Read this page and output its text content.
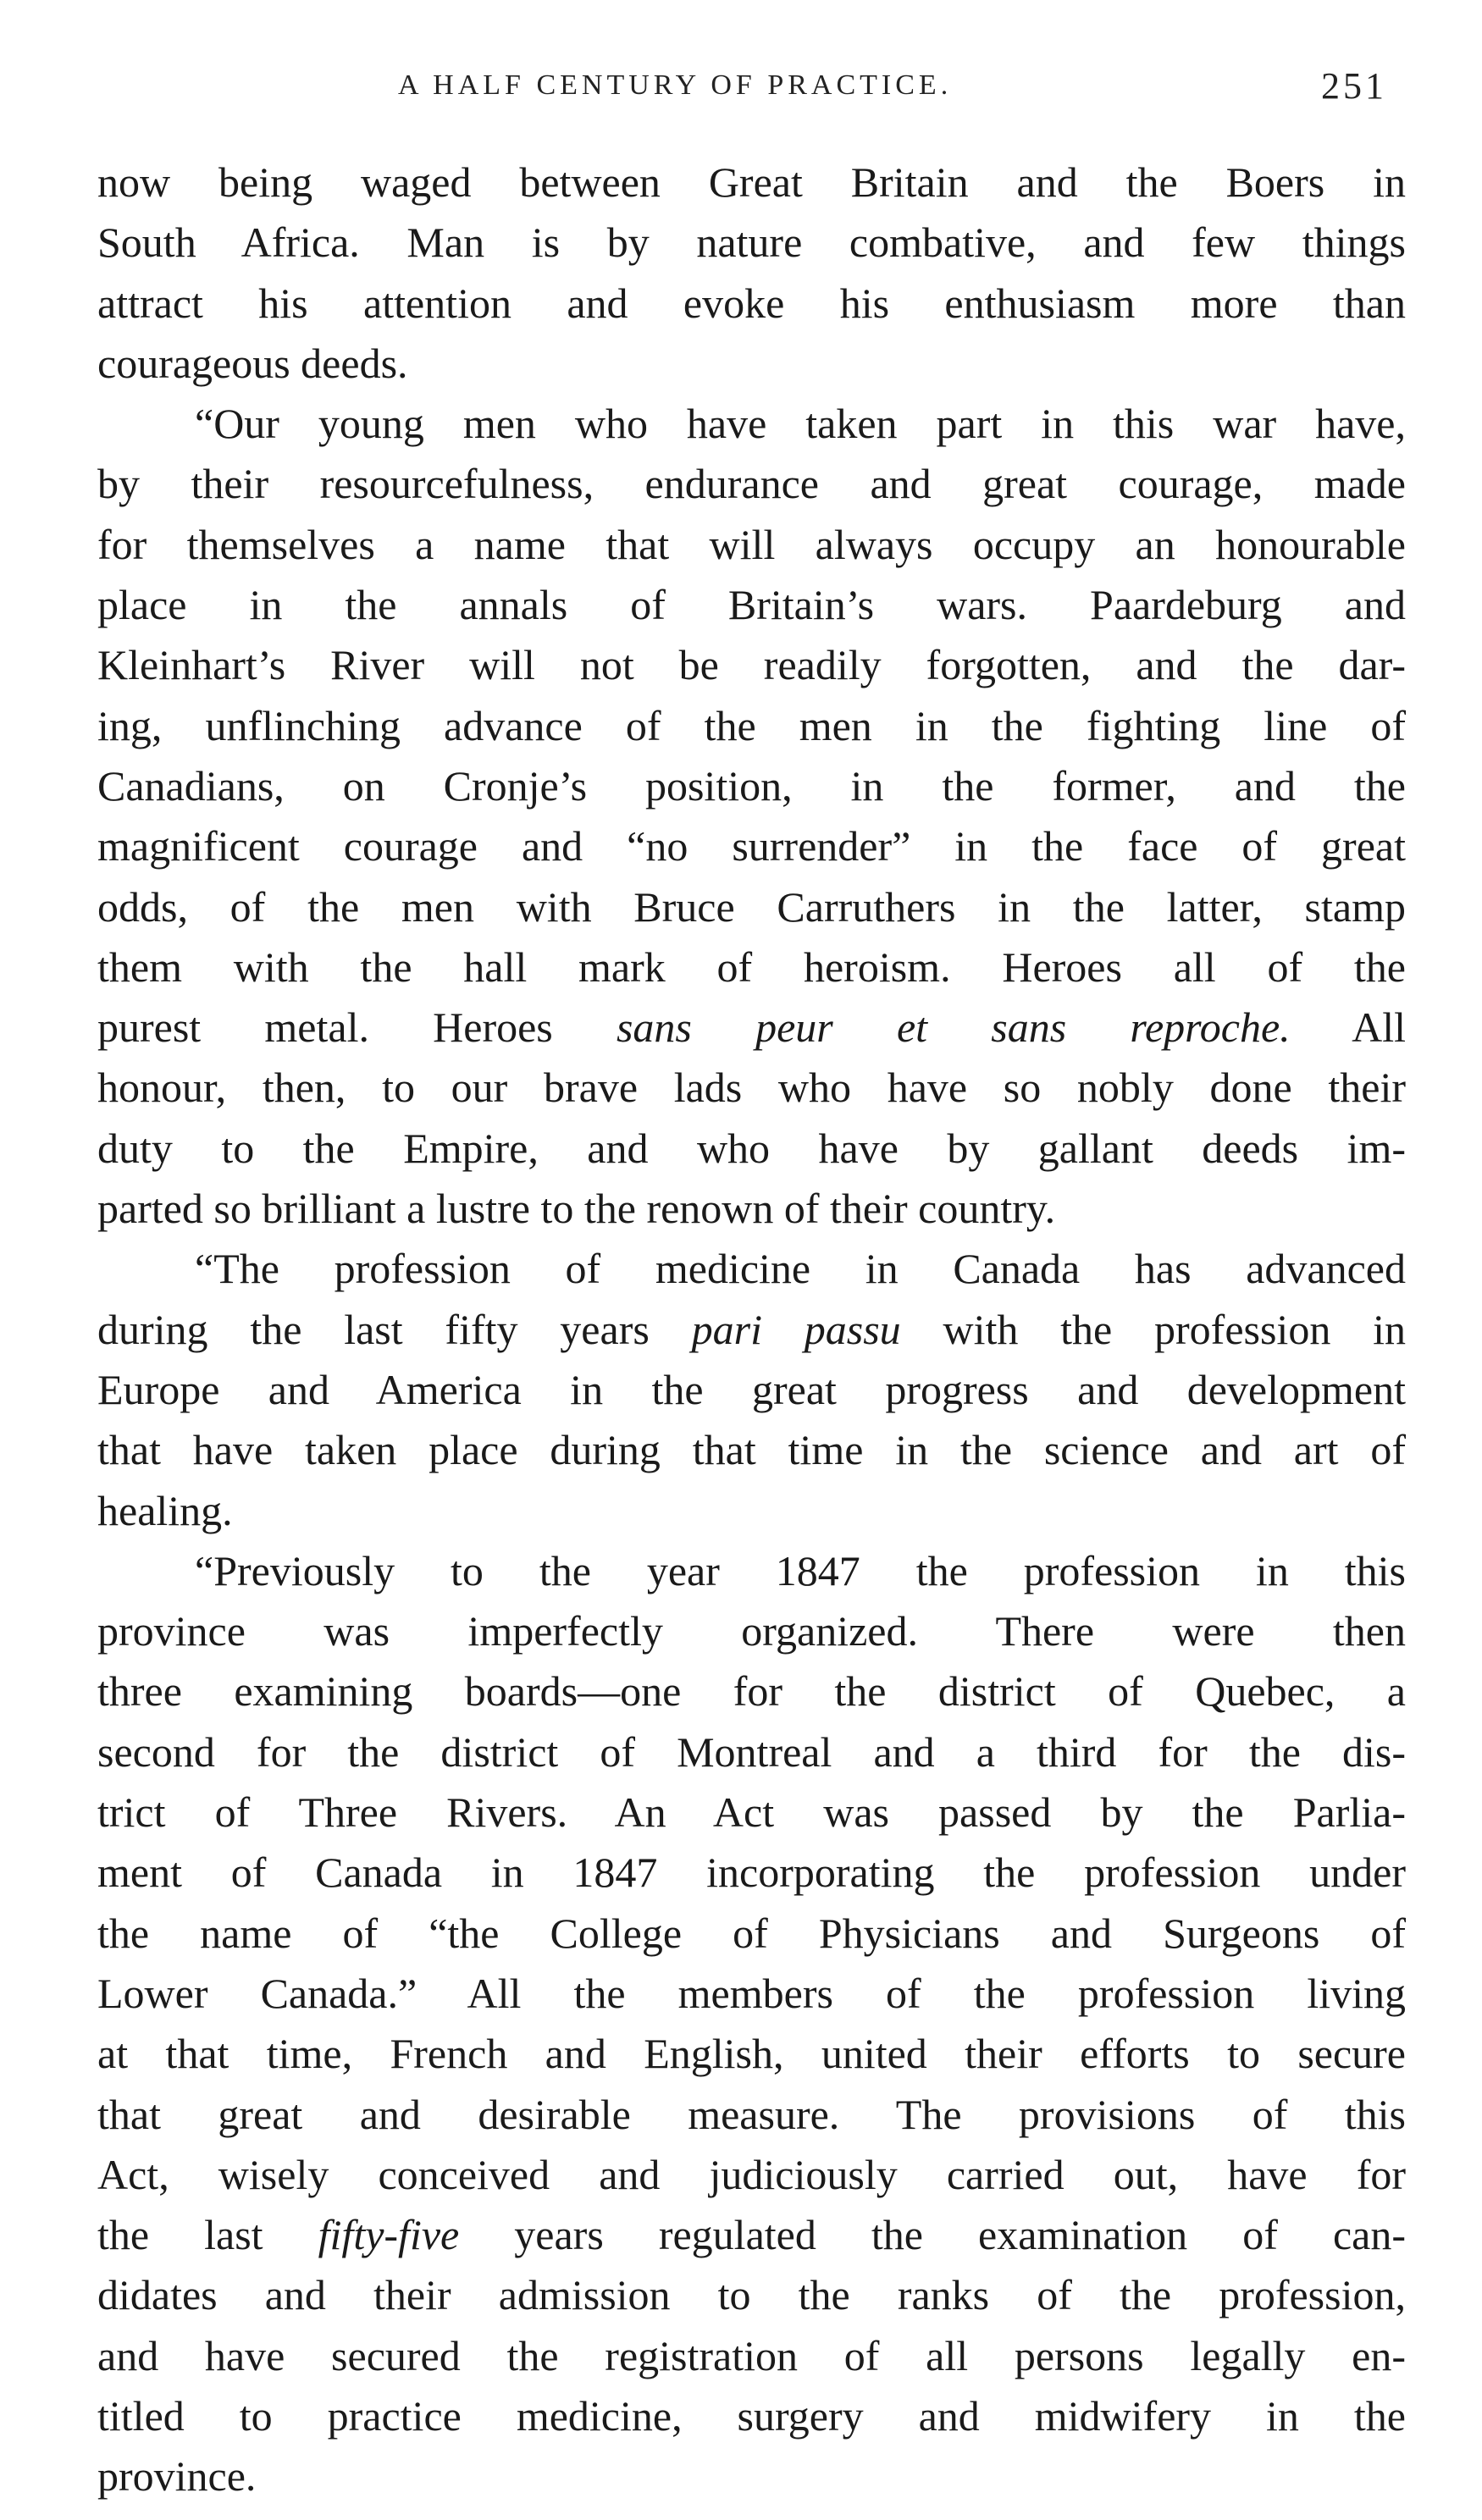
A HALF CENTURY OF PRACTICE.	251

now being waged between Great Britain and the Boers in
South Africa. Man is by nature combative, and few things
attract his attention and evoke his enthusiasm more than
courageous deeds.

“Our young men who have taken part in this war have,
by their resourcefulness, endurance and great courage, made
for themselves a name that will always occupy an honourable
place in the annals of Britain’s wars. Paardeburg and
Kleinhart’s River will not be readily forgotten, and the dar-
ing, unflinching advance of the men in the fighting line of
Canadians, on Cronje’s position, in the former, and the
magnificent courage and “no surrender” in the face of great
odds, of the men with Bruce Carruthers in the latter, stamp
them with the hall mark of heroism. Heroes all of the
purest metal. Heroes sans peur et sans reproche. All
honour, then, to our brave lads who have so nobly done their
duty to the Empire, and who have by gallant deeds im-
parted so brilliant a lustre to the renown of their country.

“The profession of medicine in Canada has advanced
during the last fifty years pari passu with the profession in
Europe and America in the great progress and development
that have taken place during that time in the science and art of
healing.

“Previously to the year 1847 the profession in this
province was imperfectly organized. There were then
three examining boards—one for the district of Quebec, a
second for the district of Montreal and a third for the dis-
trict of Three Rivers. An Act was passed by the Parlia-
ment of Canada in 1847 incorporating the profession under
the name of “the College of Physicians and Surgeons of
Lower Canada.” All the members of the profession living
at that time, French and English, united their efforts to secure
that great and desirable measure. The provisions of this
Act, wisely conceived and judiciously carried out, have for
the last fifty-five years regulated the examination of can-
didates and their admission to the ranks of the profession,
and have secured the registration of all persons legally en-
titled to practice medicine, surgery and midwifery in the
province.
